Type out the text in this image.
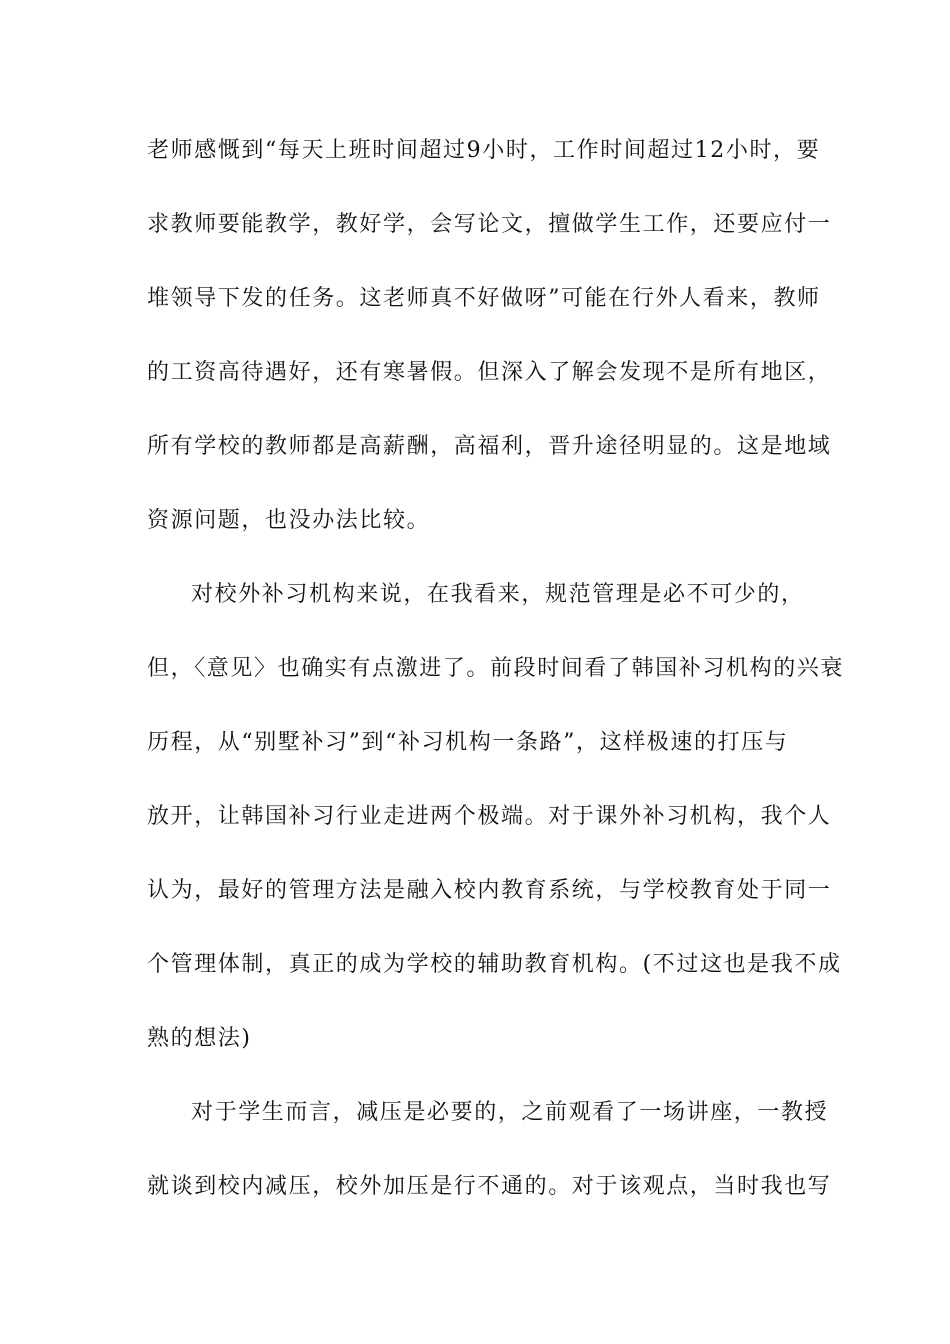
老师感慨到“每天上班时间超过9小时，工作时间超过12小时，要
求教师要能教学，教好学，会写论文，擅做学生工作，还要应付一
堆领导下发的任务。这老师真不好做呀”可能在行外人看来，教师
的工资高待遇好，还有寒暑假。但深入了解会发现不是所有地区，
所有学校的教师都是高薪酬，高福利，晋升途径明显的。这是地域
资源问题，也没办法比较。
对校外补习机构来说，在我看来，规范管理是必不可少的，
但，〈意见〉也确实有点激进了。前段时间看了韩国补习机构的兴衰
历程，从“别墅补习”到“补习机构一条路”，这样极速的打压与
放开，让韩国补习行业走进两个极端。对于课外补习机构，我个人
认为，最好的管理方法是融入校内教育系统，与学校教育处于同一
个管理体制，真正的成为学校的辅助教育机构。(不过这也是我不成
熟的想法)
对于学生而言，减压是必要的，之前观看了一场讲座，一教授
就谈到校内减压，校外加压是行不通的。对于该观点，当时我也写
